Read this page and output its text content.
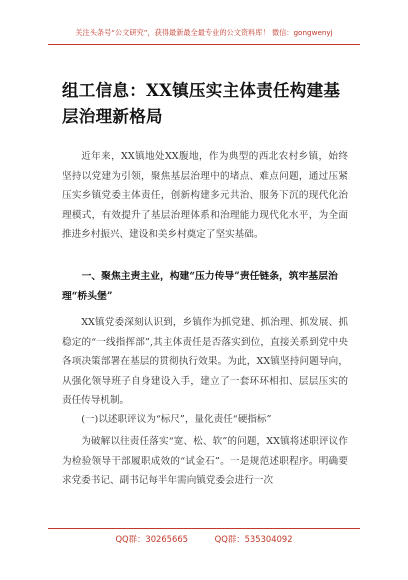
关注头条号“公文研究”，获得最新最全最专业的公文资料库！ 微信：gongwenyj
组工信息：XX镇压实主体责任构建基层治理新格局
近年来，XX镇地处XX腹地，作为典型的西北农村乡镇，始终坚持以党建为引领，聚焦基层治理中的堵点、难点问题，通过压紧压实乡镇党委主体责任，创新构建多元共治、服务下沉的现代化治理模式，有效提升了基层治理体系和治理能力现代化水平，为全面推进乡村振兴、建设和美乡村奠定了坚实基础。
一、聚焦主责主业，构建“压力传导”责任链条，筑牢基层治理“桥头堡”
XX镇党委深刻认识到，乡镇作为抓党建、抓治理、抓发展、抓稳定的“一线指挥部”,其主体责任是否落实到位，直接关系到党中央各项决策部署在基层的贯彻执行效果。为此，XX镇坚持问题导向，从强化领导班子自身建设入手，建立了一套环环相扣、层层压实的责任传导机制。
(一)以述职评议为“标尺”，量化责任“硬指标”
为破解以往责任落实“宽、松、软”的问题，XX镇将述职评议作为检验领导干部履职成效的“试金石”。一是规范述职程序。明确要求党委书记、副书记每半年需向镇党委会进行一次
QQ群：30265665	QQ群：535304092
